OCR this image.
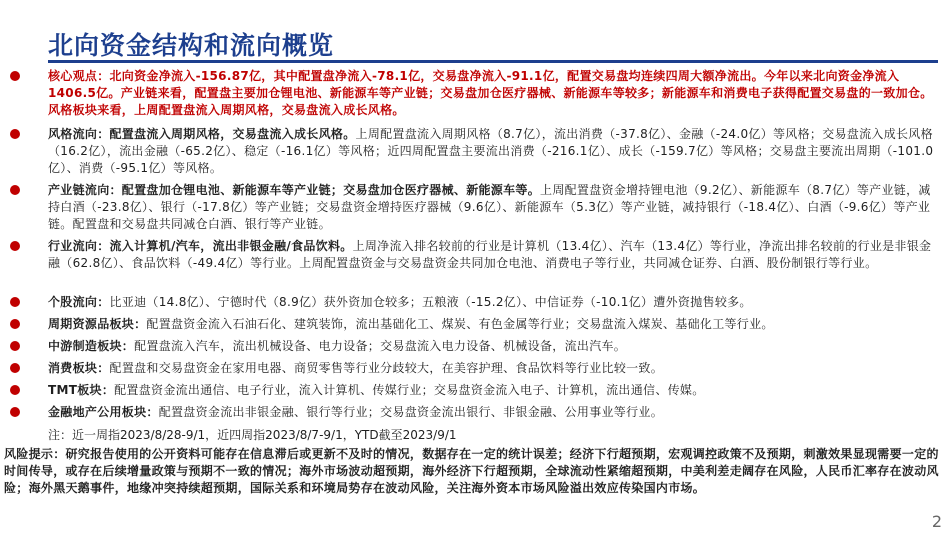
北向资金结构和流向概览
核心观点：北向资金净流入-156.87亿，其中配置盘净流入-78.1亿，交易盘净流入-91.1亿，配置交易盘均连续四周大额净流出。今年以来北向资金净流入1406.5亿。产业链来看，配置盘主要加仓锂电池、新能源车等产业链；交易盘加仓医疗器械、新能源车等较多；新能源车和消费电子获得配置交易盘的一致加仓。风格板块来看，上周配置盘流入周期风格，交易盘流入成长风格。
风格流向：配置盘流入周期风格，交易盘流入成长风格。上周配置盘流入周期风格（8.7亿），流出消费（-37.8亿）、金融（-24.0亿）等风格；交易盘流入成长风格（16.2亿），流出金融（-65.2亿）、稳定（-16.1亿）等风格；近四周配置盘主要流出消费（-216.1亿）、成长（-159.7亿）等风格；交易盘主要流出周期（-101.0亿）、消费（-95.1亿）等风格。
产业链流向：配置盘加仓锂电池、新能源车等产业链；交易盘加仓医疗器械、新能源车等。上周配置盘资金增持锂电池（9.2亿）、新能源车（8.7亿）等产业链，减持白酒（-23.8亿）、银行（-17.8亿）等产业链；交易盘资金增持医疗器械（9.6亿）、新能源车（5.3亿）等产业链，减持银行（-18.4亿）、白酒（-9.6亿）等产业链。配置盘和交易盘共同减仓白酒、银行等产业链。
行业流向：流入计算机/汽车，流出非银金融/食品饮料。上周净流入排名较前的行业是计算机（13.4亿）、汽车（13.4亿）等行业，净流出排名较前的行业是非银金融（62.8亿）、食品饮料（-49.4亿）等行业。上周配置盘资金与交易盘资金共同加仓电池、消费电子等行业，共同减仓证券、白酒、股份制银行等行业。
个股流向：比亚迪（14.8亿）、宁德时代（8.9亿）获外资加仓较多；五粮液（-15.2亿）、中信证券（-10.1亿）遭外资抛售较多。
周期资源品板块：配置盘资金流入石油石化、建筑装饰，流出基础化工、煤炭、有色金属等行业；交易盘流入煤炭、基础化工等行业。
中游制造板块：配置盘流入汽车，流出机械设备、电力设备；交易盘流入电力设备、机械设备，流出汽车。
消费板块：配置盘和交易盘资金在家用电器、商贸零售等行业分歧较大，在美容护理、食品饮料等行业比较一致。
TMT板块：配置盘资金流出通信、电子行业，流入计算机、传媒行业；交易盘资金流入电子、计算机，流出通信、传媒。
金融地产公用板块：配置盘资金流出非银金融、银行等行业；交易盘资金流出银行、非银金融、公用事业等行业。
注：近一周指2023/8/28-9/1，近四周指2023/8/7-9/1，YTD截至2023/9/1
风险提示：研究报告使用的公开资料可能存在信息滞后或更新不及时的情况，数据存在一定的统计误差；经济下行超预期，宏观调控政策不及预期，刺激效果显现需要一定的时间传导，或存在后续增量政策与预期不一致的情况；海外市场波动超预期，海外经济下行超预期，全球流动性紧缩超预期，中美利差走阔存在风险，人民币汇率存在波动风险；海外黑天鹅事件，地缘冲突持续超预期，国际关系和环境局势存在波动风险，关注海外资本市场风险溢出效应传染国内市场。
2
